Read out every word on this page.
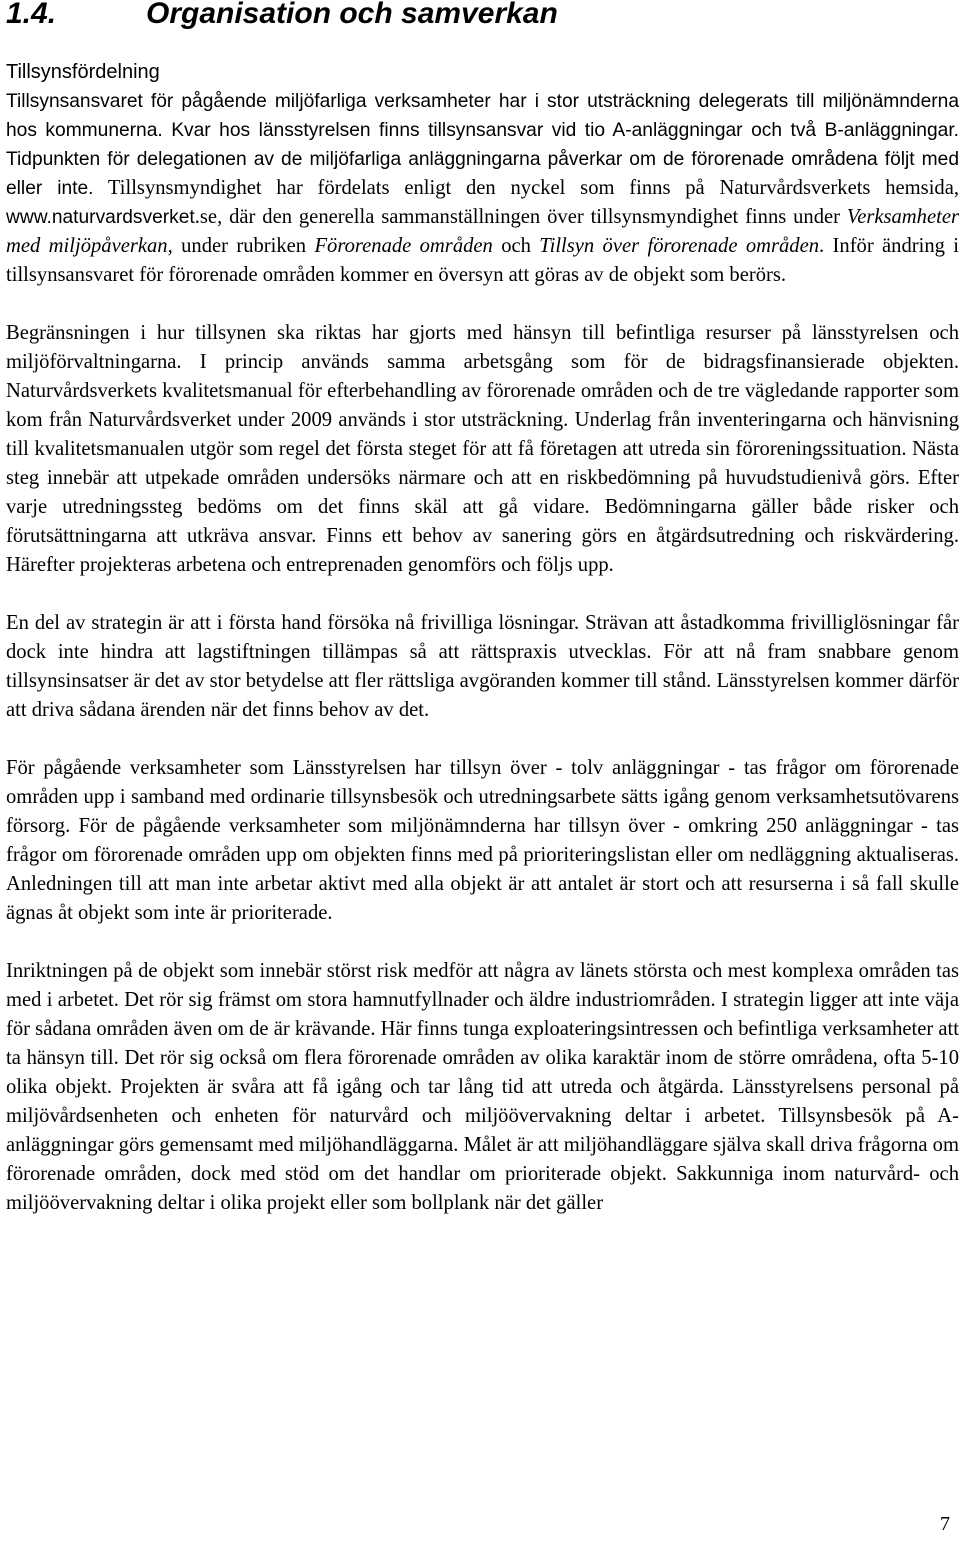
1.4.	Organisation och samverkan
Tillsynsfördelning

Tillsynsansvaret för pågående miljöfarliga verksamheter har i stor utsträckning delegerats till miljönämnderna hos kommunerna. Kvar hos länsstyrelsen finns tillsynsansvar vid tio A-anläggningar och två B-anläggningar. Tidpunkten för delegationen av de miljöfarliga anläggningarna påverkar om de förorenade områdena följt med eller inte. Tillsynsmyndighet har fördelats enligt den nyckel som finns på Naturvårdsverkets hemsida, www.naturvardsverket.se, där den generella sammanställningen över tillsynsmyndighet finns under Verksamheter med miljöpåverkan, under rubriken Förorenade områden och Tillsyn över förorenade områden. Inför ändring i tillsynsansvaret för förorenade områden kommer en översyn att göras av de objekt som berörs.

Begränsningen i hur tillsynen ska riktas har gjorts med hänsyn till befintliga resurser på länsstyrelsen och miljöförvaltningarna. I princip används samma arbetsgång som för de bidragsfinansierade objekten. Naturvårdsverkets kvalitetsmanual för efterbehandling av förorenade områden och de tre vägledande rapporter som kom från Naturvårdsverket under 2009 används i stor utsträckning. Underlag från inventeringarna och hänvisning till kvalitetsmanualen utgör som regel det första steget för att få företagen att utreda sin föroreningssituation. Nästa steg innebär att utpekade områden undersöks närmare och att en riskbedömning på huvudstudienivå görs. Efter varje utredningssteg bedöms om det finns skäl att gå vidare. Bedömningarna gäller både risker och förutsättningarna att utkräva ansvar. Finns ett behov av sanering görs en åtgärdsutredning och riskvärdering. Härefter projekteras arbetena och entreprenaden genomförs och följs upp.

En del av strategin är att i första hand försöka nå frivilliga lösningar. Strävan att åstadkomma frivilliglösningar får dock inte hindra att lagstiftningen tillämpas så att rättspraxis utvecklas. För att nå fram snabbare genom tillsynsinsatser är det av stor betydelse att fler rättsliga avgöranden kommer till stånd. Länsstyrelsen kommer därför att driva sådana ärenden när det finns behov av det.

För pågående verksamheter som Länsstyrelsen har tillsyn över - tolv anläggningar - tas frågor om förorenade områden upp i samband med ordinarie tillsynsbesök och utredningsarbete sätts igång genom verksamhetsutövarens försorg. För de pågående verksamheter som miljönämnderna har tillsyn över - omkring 250 anläggningar - tas frågor om förorenade områden upp om objekten finns med på prioriteringslistan eller om nedläggning aktualiseras. Anledningen till att man inte arbetar aktivt med alla objekt är att antalet är stort och att resurserna i så fall skulle ägnas åt objekt som inte är prioriterade.

Inriktningen på de objekt som innebär störst risk medför att några av länets största och mest komplexa områden tas med i arbetet. Det rör sig främst om stora hamnutfyllnader och äldre industriområden. I strategin ligger att inte väja för sådana områden även om de är krävande. Här finns tunga exploateringsintressen och befintliga verksamheter att ta hänsyn till. Det rör sig också om flera förorenade områden av olika karaktär inom de större områdena, ofta 5-10 olika objekt. Projekten är svåra att få igång och tar lång tid att utreda och åtgärda. Länsstyrelsens personal på miljövårdsenheten och enheten för naturvård och miljöövervakning deltar i arbetet. Tillsynsbesök på A-anläggningar görs gemensamt med miljöhandläggarna. Målet är att miljöhandläggare själva skall driva frågorna om förorenade områden, dock med stöd om det handlar om prioriterade objekt. Sakkunniga inom naturvård- och miljöövervakning deltar i olika projekt eller som bollplank när det gäller

7
